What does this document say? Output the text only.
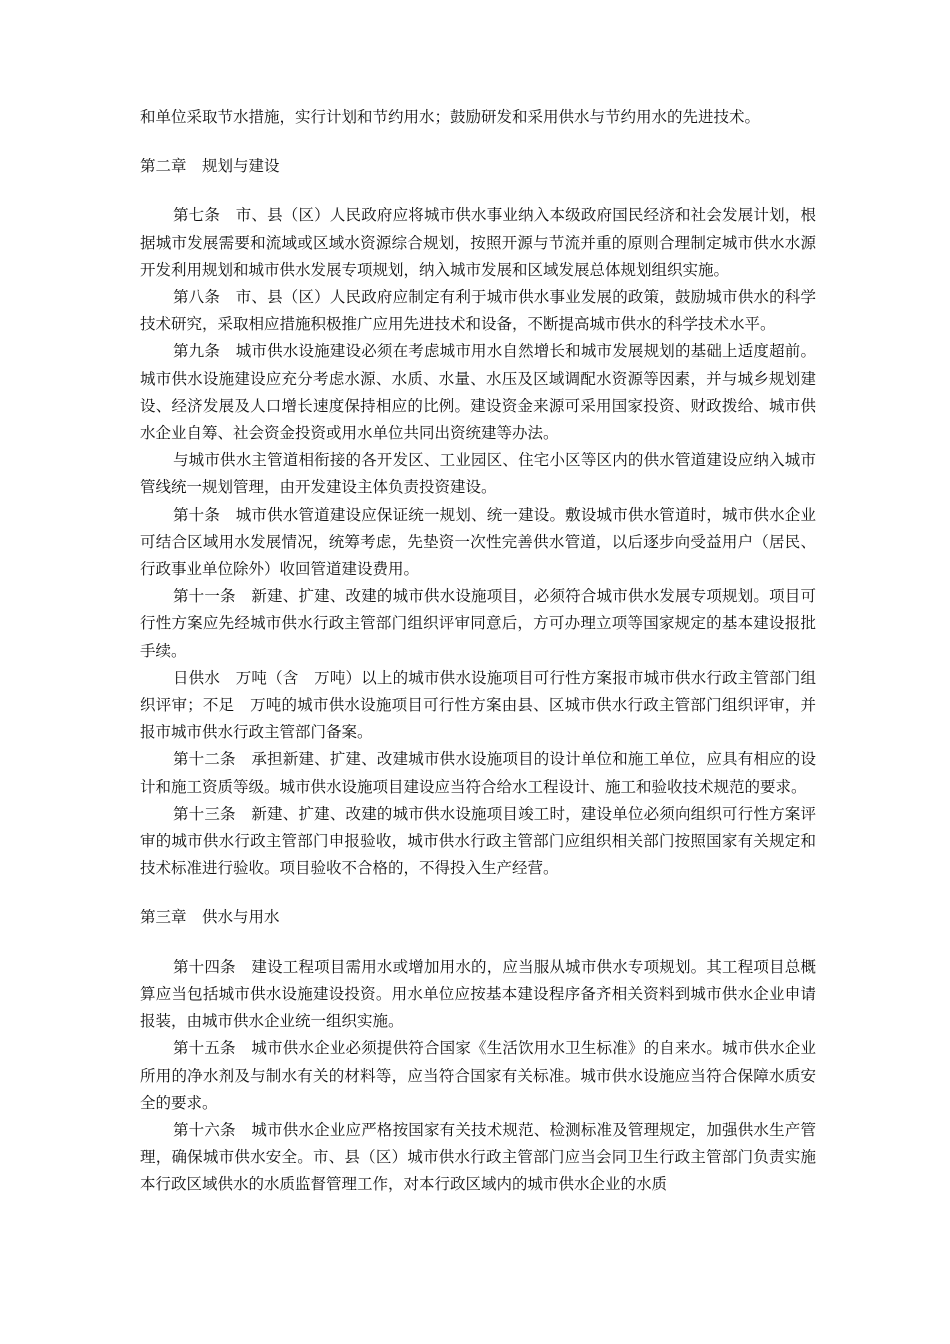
和单位采取节水措施，实行计划和节约用水；鼓励研发和采用供水与节约用水的先进技术。

第二章　规划与建设

第七条　市、县（区）人民政府应将城市供水事业纳入本级政府国民经济和社会发展计划，根据城市发展需要和流域或区域水资源综合规划，按照开源与节流并重的原则合理制定城市供水水源开发利用规划和城市供水发展专项规划，纳入城市发展和区域发展总体规划组织实施。

第八条　市、县（区）人民政府应制定有利于城市供水事业发展的政策，鼓励城市供水的科学技术研究，采取相应措施积极推广应用先进技术和设备，不断提高城市供水的科学技术水平。

第九条　城市供水设施建设必须在考虑城市用水自然增长和城市发展规划的基础上适度超前。城市供水设施建设应充分考虑水源、水质、水量、水压及区域调配水资源等因素，并与城乡规划建设、经济发展及人口增长速度保持相应的比例。建设资金来源可采用国家投资、财政拨给、城市供水企业自筹、社会资金投资或用水单位共同出资统建等办法。

与城市供水主管道相衔接的各开发区、工业园区、住宅小区等区内的供水管道建设应纳入城市管线统一规划管理，由开发建设主体负责投资建设。

第十条　城市供水管道建设应保证统一规划、统一建设。敷设城市供水管道时，城市供水企业可结合区域用水发展情况，统筹考虑，先垫资一次性完善供水管道，以后逐步向受益用户（居民、行政事业单位除外）收回管道建设费用。

第十一条　新建、扩建、改建的城市供水设施项目，必须符合城市供水发展专项规划。项目可行性方案应先经城市供水行政主管部门组织评审同意后，方可办理立项等国家规定的基本建设报批手续。

日供水　万吨（含　万吨）以上的城市供水设施项目可行性方案报市城市供水行政主管部门组织评审；不足　万吨的城市供水设施项目可行性方案由县、区城市供水行政主管部门组织评审，并报市城市供水行政主管部门备案。

第十二条　承担新建、扩建、改建城市供水设施项目的设计单位和施工单位，应具有相应的设计和施工资质等级。城市供水设施项目建设应当符合给水工程设计、施工和验收技术规范的要求。

第十三条　新建、扩建、改建的城市供水设施项目竣工时，建设单位必须向组织可行性方案评审的城市供水行政主管部门申报验收，城市供水行政主管部门应组织相关部门按照国家有关规定和技术标准进行验收。项目验收不合格的，不得投入生产经营。

第三章　供水与用水

第十四条　建设工程项目需用水或增加用水的，应当服从城市供水专项规划。其工程项目总概算应当包括城市供水设施建设投资。用水单位应按基本建设程序备齐相关资料到城市供水企业申请报装，由城市供水企业统一组织实施。

第十五条　城市供水企业必须提供符合国家《生活饮用水卫生标准》的自来水。城市供水企业所用的净水剂及与制水有关的材料等，应当符合国家有关标准。城市供水设施应当符合保障水质安全的要求。

第十六条　城市供水企业应严格按国家有关技术规范、检测标准及管理规定，加强供水生产管理，确保城市供水安全。市、县（区）城市供水行政主管部门应当会同卫生行政主管部门负责实施本行政区域供水的水质监督管理工作，对本行政区域内的城市供水企业的水质
